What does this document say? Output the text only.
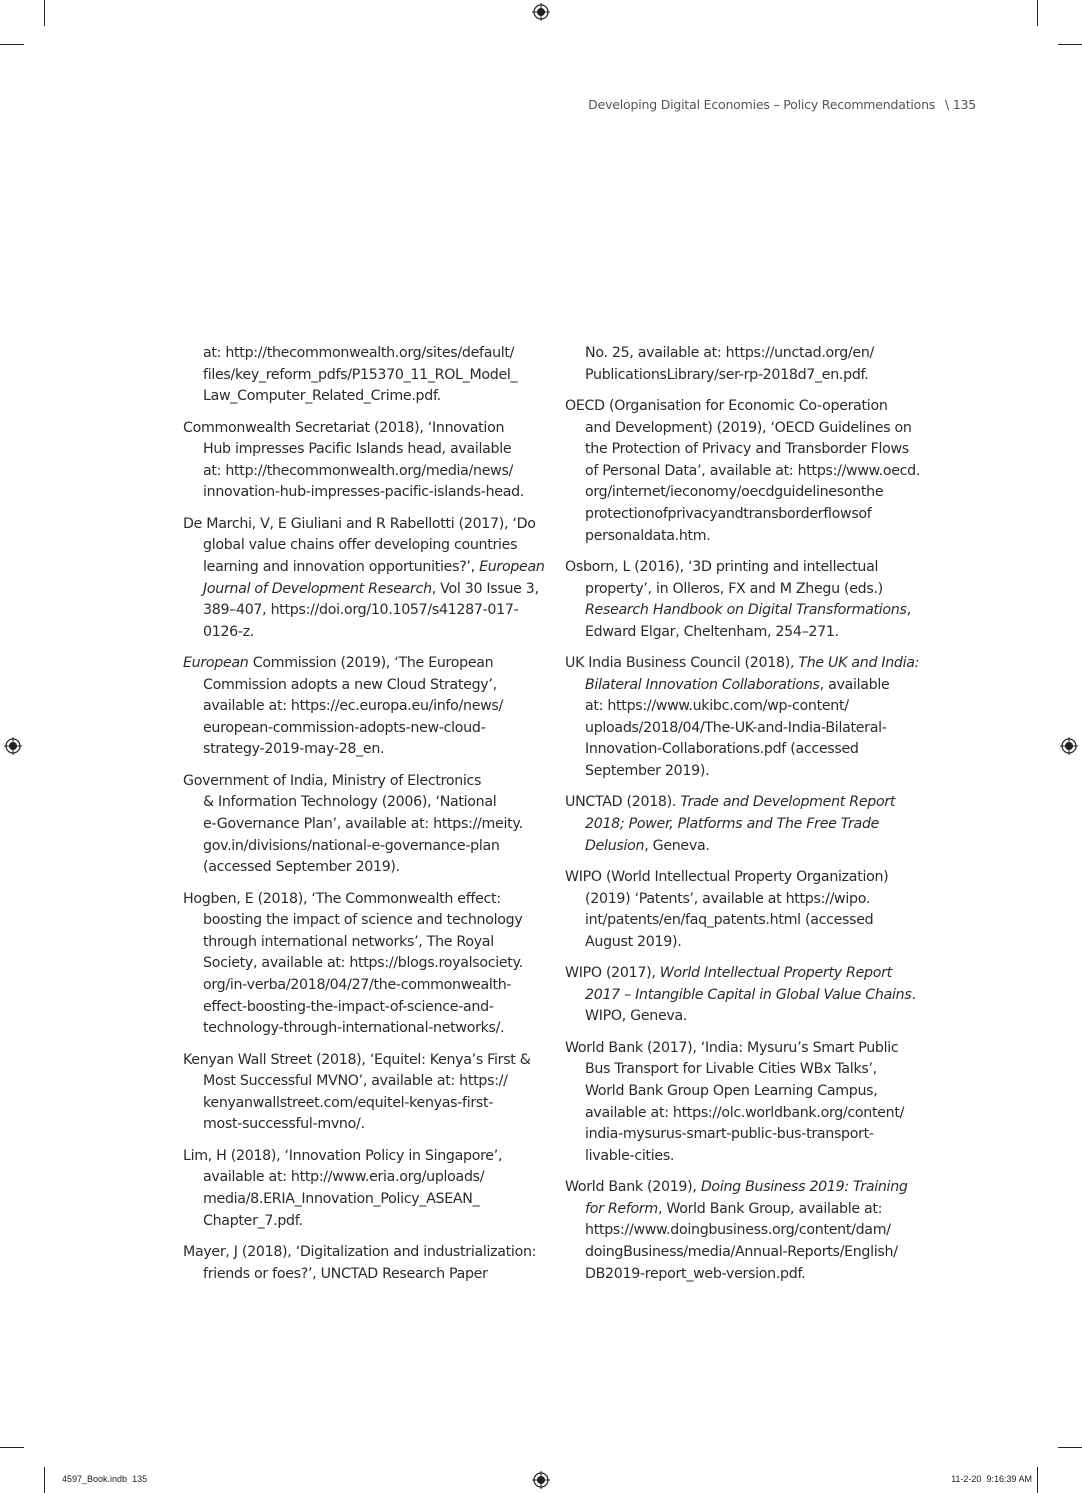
Developing Digital Economies – Policy Recommendations \ 135
at: http://thecommonwealth.org/sites/default/
files/key_reform_pdfs/P15370_11_ROL_Model_
Law_Computer_Related_Crime.pdf.
Commonwealth Secretariat (2018), ‘Innovation
Hub impresses Pacific Islands head, available
at: http://thecommonwealth.org/media/news/
innovation-hub-impresses-pacific-islands-head.
De Marchi, V, E Giuliani and R Rabellotti (2017), ‘Do
global value chains offer developing countries
learning and innovation opportunities?’, European
Journal of Development Research, Vol 30 Issue 3,
389–407, https://doi.org/10.1057/s41287-017-
0126-z.
European Commission (2019), ‘The European
Commission adopts a new Cloud Strategy’,
available at: https://ec.europa.eu/info/news/
european-commission-adopts-new-cloud-
strategy-2019-may-28_en.
Government of India, Ministry of Electronics
& Information Technology (2006), ‘National
e-Governance Plan’, available at: https://meity.
gov.in/divisions/national-e-governance-plan
(accessed September 2019).
Hogben, E (2018), ‘The Commonwealth effect:
boosting the impact of science and technology
through international networks’, The Royal
Society, available at: https://blogs.royalsociety.
org/in-verba/2018/04/27/the-commonwealth-
effect-boosting-the-impact-of-science-and-
technology-through-international-networks/.
Kenyan Wall Street (2018), ‘Equitel: Kenya’s First &
Most Successful MVNO’, available at: https://
kenyanwallstreet.com/equitel-kenyas-first-
most-successful-mvno/.
Lim, H (2018), ‘Innovation Policy in Singapore’,
available at: http://www.eria.org/uploads/
media/8.ERIA_Innovation_Policy_ASEAN_
Chapter_7.pdf.
Mayer, J (2018), ‘Digitalization and industrialization:
friends or foes?’, UNCTAD Research Paper
No. 25, available at: https://unctad.org/en/
PublicationsLibrary/ser-rp-2018d7_en.pdf.
OECD (Organisation for Economic Co-operation
and Development) (2019), ‘OECD Guidelines on
the Protection of Privacy and Transborder Flows
of Personal Data’, available at: https://www.oecd.
org/internet/ieconomy/oecdguidelinesonthe
protectionofprivacyandtransborderflowsof
personaldata.htm.
Osborn, L (2016), ‘3D printing and intellectual
property’, in Olleros, FX and M Zhegu (eds.)
Research Handbook on Digital Transformations,
Edward Elgar, Cheltenham, 254–271.
UK India Business Council (2018), The UK and India:
Bilateral Innovation Collaborations, available
at: https://www.ukibc.com/wp-content/
uploads/2018/04/The-UK-and-India-Bilateral-
Innovation-Collaborations.pdf (accessed
September 2019).
UNCTAD (2018). Trade and Development Report
2018; Power, Platforms and The Free Trade
Delusion, Geneva.
WIPO (World Intellectual Property Organization)
(2019) ‘Patents’, available at https://wipo.
int/patents/en/faq_patents.html (accessed
August 2019).
WIPO (2017), World Intellectual Property Report
2017 – Intangible Capital in Global Value Chains.
WIPO, Geneva.
World Bank (2017), ‘India: Mysuru’s Smart Public
Bus Transport for Livable Cities WBx Talks’,
World Bank Group Open Learning Campus,
available at: https://olc.worldbank.org/content/
india-mysurus-smart-public-bus-transport-
livable-cities.
World Bank (2019), Doing Business 2019: Training
for Reform, World Bank Group, available at:
https://www.doingbusiness.org/content/dam/
doingBusiness/media/Annual-Reports/English/
DB2019-report_web-version.pdf.
4597_Book.indb 135	11-2-20 9:16:39 AM
